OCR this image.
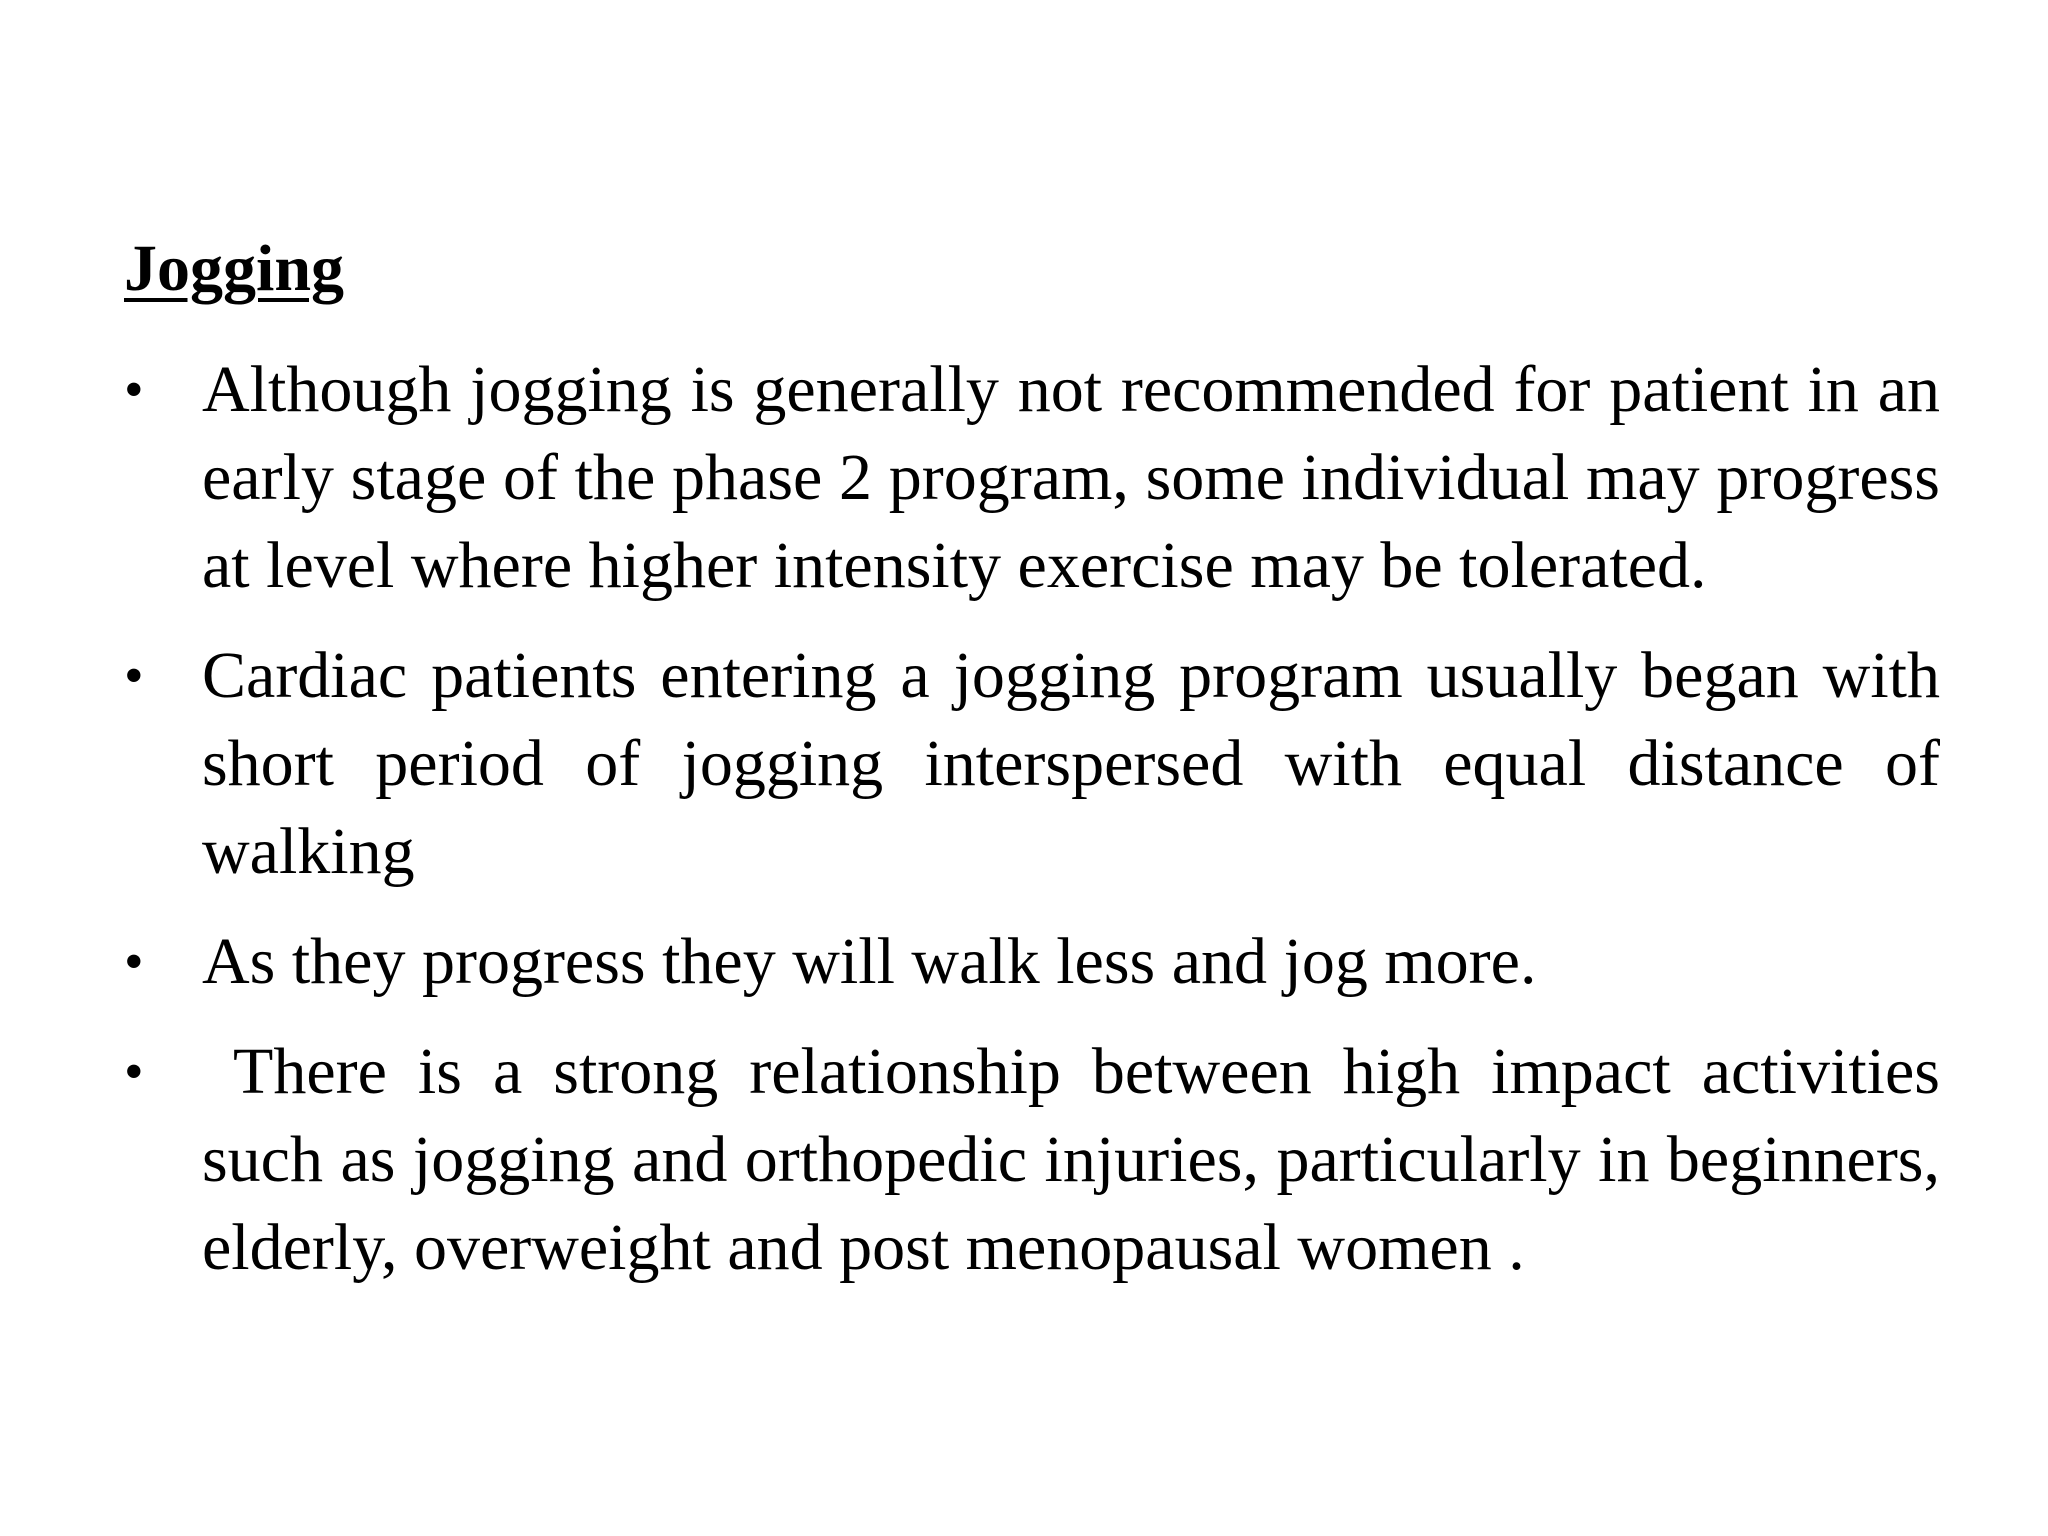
Jogging
• Although jogging is generally not recommended for patient in an early stage of the phase 2 program, some individual may progress at level where higher intensity exercise may be tolerated.
• Cardiac patients entering a jogging program usually began with short period of jogging interspersed with equal distance of walking
• As they progress they will walk less and jog more.
• There is a strong relationship between high impact activities such as jogging and orthopedic injuries, particularly in beginners, elderly, overweight and post menopausal women .
